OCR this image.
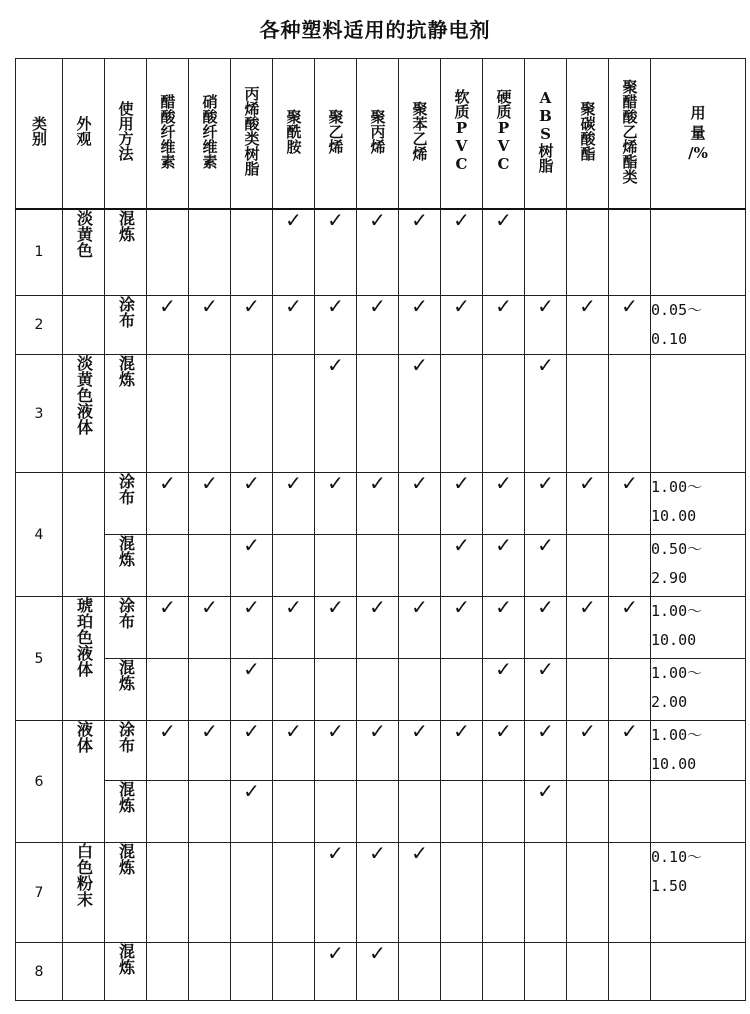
各种塑料适用的抗静电剂
类别	外观	使用方法	醋酸纤维素	硝酸纤维素	丙烯酸类树脂	聚酰胺	聚乙烯	聚丙烯	聚苯乙烯	软质PVC	硬质PVC	ABS树脂	聚碳酸酯	聚醋酸乙烯酯类	用
量
/%
1	淡黄色	混炼				✓	✓	✓	✓	✓	✓				

2		涂布	✓	✓	✓	✓	✓	✓	✓	✓	✓	✓	✓	✓	0.05～
0.10

3	淡黄色液体	混炼					✓		✓			✓			

4		涂布	✓	✓	✓	✓	✓	✓	✓	✓	✓	✓	✓	✓	1.00～
10.00

		混炼			✓					✓	✓	✓			0.50～
2.90

5	琥珀色液体	涂布	✓	✓	✓	✓	✓	✓	✓	✓	✓	✓	✓	✓	1.00～
10.00

		混炼			✓						✓	✓			1.00～
2.00

6	液体	涂布	✓	✓	✓	✓	✓	✓	✓	✓	✓	✓	✓	✓	1.00～
10.00

		混炼			✓							✓			

7	白色粉末	混炼					✓	✓	✓						0.10～
1.50

8		混炼					✓	✓							
